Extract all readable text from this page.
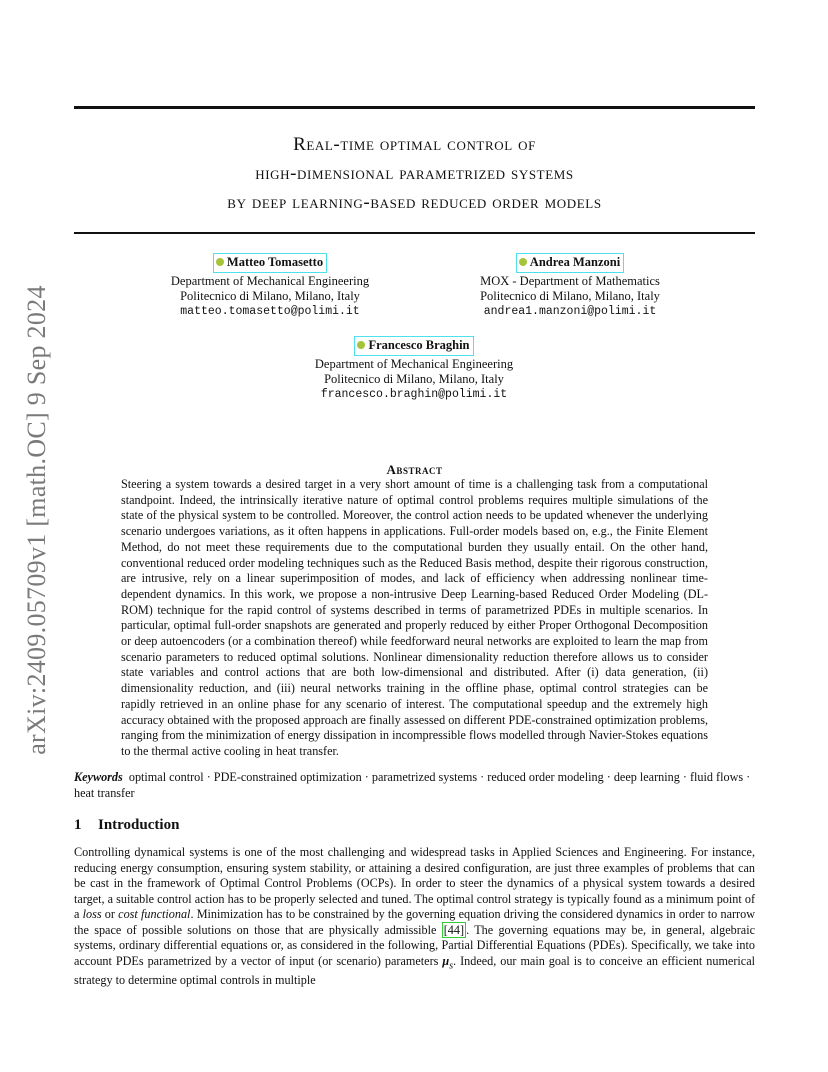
arXiv:2409.05709v1 [math.OC] 9 Sep 2024
Real-time optimal control of
high-dimensional parametrized systems
by deep learning-based reduced order models
Matteo Tomasetto
Department of Mechanical Engineering
Politecnico di Milano, Milano, Italy
matteo.tomasetto@polimi.it
Andrea Manzoni
MOX - Department of Mathematics
Politecnico di Milano, Milano, Italy
andrea1.manzoni@polimi.it
Francesco Braghin
Department of Mechanical Engineering
Politecnico di Milano, Milano, Italy
francesco.braghin@polimi.it
Abstract
Steering a system towards a desired target in a very short amount of time is a challenging task from a computational standpoint. Indeed, the intrinsically iterative nature of optimal control problems requires multiple simulations of the state of the physical system to be controlled. Moreover, the control action needs to be updated whenever the underlying scenario undergoes variations, as it often happens in applications. Full-order models based on, e.g., the Finite Element Method, do not meet these requirements due to the computational burden they usually entail. On the other hand, conventional reduced order modeling techniques such as the Reduced Basis method, despite their rigorous construction, are intrusive, rely on a linear superimposition of modes, and lack of efficiency when addressing nonlinear time-dependent dynamics. In this work, we propose a non-intrusive Deep Learning-based Reduced Order Modeling (DL-ROM) technique for the rapid control of systems described in terms of parametrized PDEs in multiple scenarios. In particular, optimal full-order snapshots are generated and properly reduced by either Proper Orthogonal Decomposition or deep autoencoders (or a combination thereof) while feedforward neural networks are exploited to learn the map from scenario parameters to reduced optimal solutions. Nonlinear dimensionality reduction therefore allows us to consider state variables and control actions that are both low-dimensional and distributed. After (i) data generation, (ii) dimensionality reduction, and (iii) neural networks training in the offline phase, optimal control strategies can be rapidly retrieved in an online phase for any scenario of interest. The computational speedup and the extremely high accuracy obtained with the proposed approach are finally assessed on different PDE-constrained optimization problems, ranging from the minimization of energy dissipation in incompressible flows modelled through Navier-Stokes equations to the thermal active cooling in heat transfer.
Keywords optimal control · PDE-constrained optimization · parametrized systems · reduced order modeling · deep learning · fluid flows · heat transfer
1 Introduction
Controlling dynamical systems is one of the most challenging and widespread tasks in Applied Sciences and Engineering. For instance, reducing energy consumption, ensuring system stability, or attaining a desired configuration, are just three examples of problems that can be cast in the framework of Optimal Control Problems (OCPs). In order to steer the dynamics of a physical system towards a desired target, a suitable control action has to be properly selected and tuned. The optimal control strategy is typically found as a minimum point of a loss or cost functional. Minimization has to be constrained by the governing equation driving the considered dynamics in order to narrow the space of possible solutions on those that are physically admissible [44] . The governing equations may be, in general, algebraic systems, ordinary differential equations or, as considered in the following, Partial Differential Equations (PDEs). Specifically, we take into account PDEs parametrized by a vector of input (or scenario) parameters $\mu_s$. Indeed, our main goal is to conceive an efficient numerical strategy to determine optimal controls in multiple
